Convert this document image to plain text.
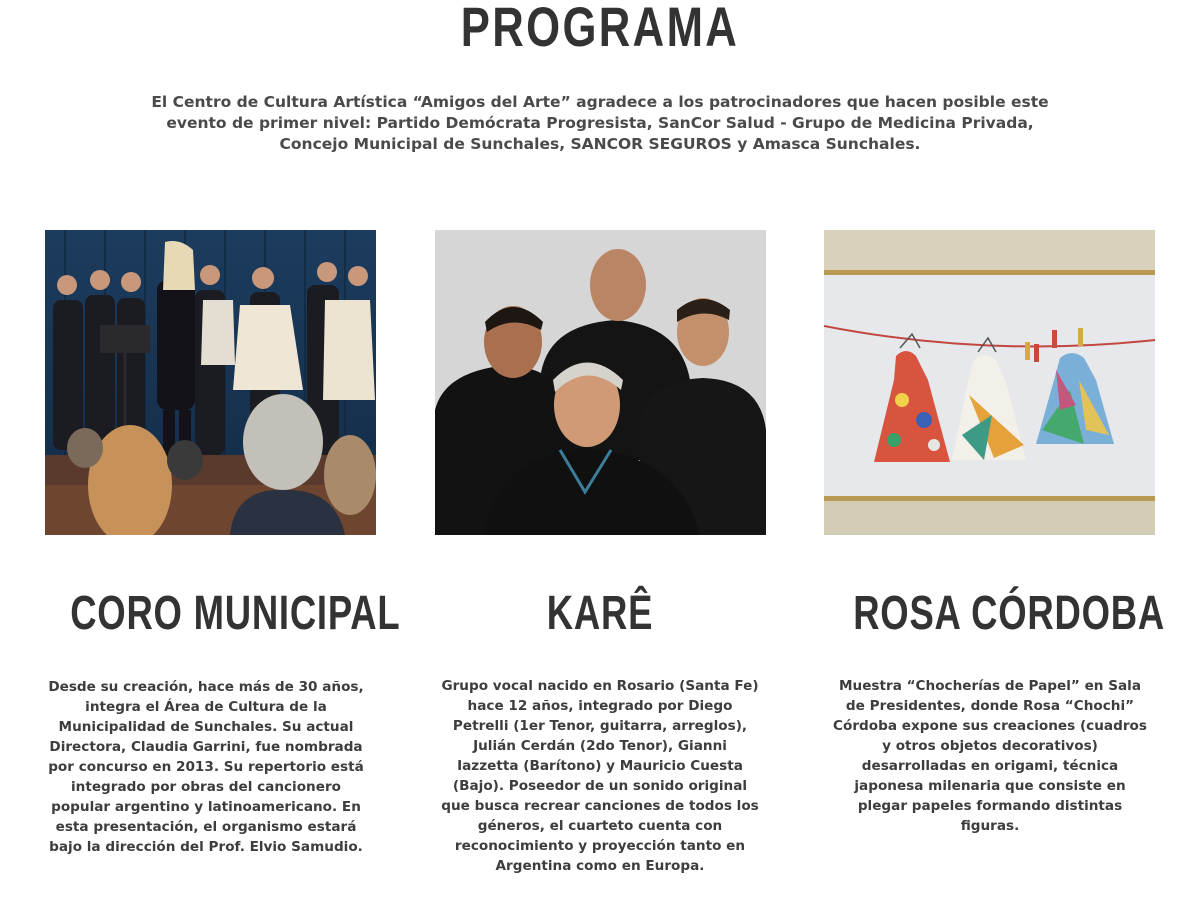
PROGRAMA

El Centro de Cultura Artística “Amigos del Arte” agradece a los patrocinadores que hacen posible este evento de primer nivel: Partido Demócrata Progresista, SanCor Salud - Grupo de Medicina Privada, Concejo Municipal de Sunchales, SANCOR SEGUROS y Amasca Sunchales.

CORO MUNICIPAL	KARÊ	ROSA CÓRDOBA

Desde su creación, hace más de 30 años, integra el Área de Cultura de la Municipalidad de Sunchales. Su actual Directora, Claudia Garrini, fue nombrada por concurso en 2013. Su repertorio está integrado por obras del cancionero popular argentino y latinoamericano. En esta presentación, el organismo estará bajo la dirección del Prof. Elvio Samudio.

Grupo vocal nacido en Rosario (Santa Fe) hace 12 años, integrado por Diego Petrelli (1er Tenor, guitarra, arreglos), Julián Cerdán (2do Tenor), Gianni Iazzetta (Barítono) y Mauricio Cuesta (Bajo). Poseedor de un sonido original que busca recrear canciones de todos los géneros, el cuarteto cuenta con reconocimiento y proyección tanto en Argentina como en Europa.

Muestra “Chocherías de Papel” en Sala de Presidentes, donde Rosa “Chochi” Córdoba expone sus creaciones (cuadros y otros objetos decorativos) desarrolladas en origami, técnica japonesa milenaria que consiste en plegar papeles formando distintas figuras.
